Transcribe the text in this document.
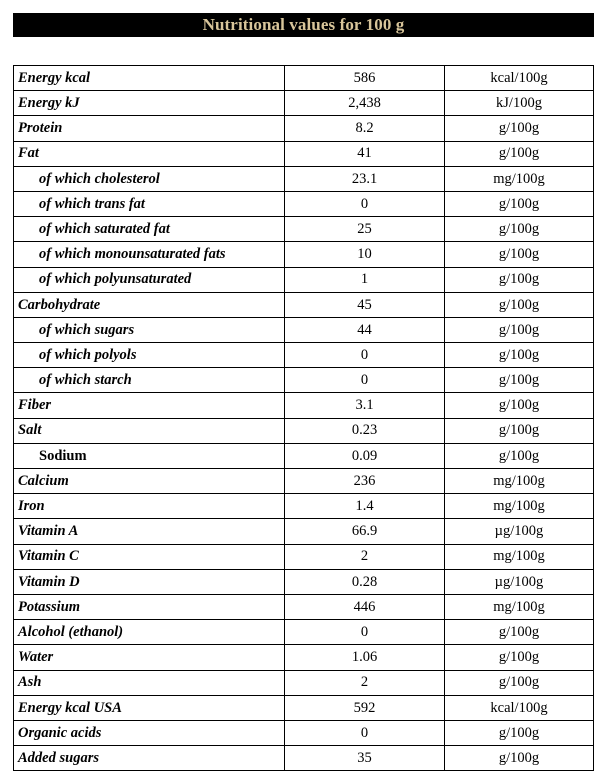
Nutritional values for 100 g
Energy kcal	586	kcal/100g
Energy kJ	2,438	kJ/100g
Protein	8.2	g/100g
Fat	41	g/100g
of which cholesterol	23.1	mg/100g
of which trans fat	0	g/100g
of which saturated fat	25	g/100g
of which monounsaturated fats	10	g/100g
of which polyunsaturated	1	g/100g
Carbohydrate	45	g/100g
of which sugars	44	g/100g
of which polyols	0	g/100g
of which starch	0	g/100g
Fiber	3.1	g/100g
Salt	0.23	g/100g
Sodium	0.09	g/100g
Calcium	236	mg/100g
Iron	1.4	mg/100g
Vitamin A	66.9	µg/100g
Vitamin C	2	mg/100g
Vitamin D	0.28	µg/100g
Potassium	446	mg/100g
Alcohol (ethanol)	0	g/100g
Water	1.06	g/100g
Ash	2	g/100g
Energy kcal USA	592	kcal/100g
Organic acids	0	g/100g
Added sugars	35	g/100g
